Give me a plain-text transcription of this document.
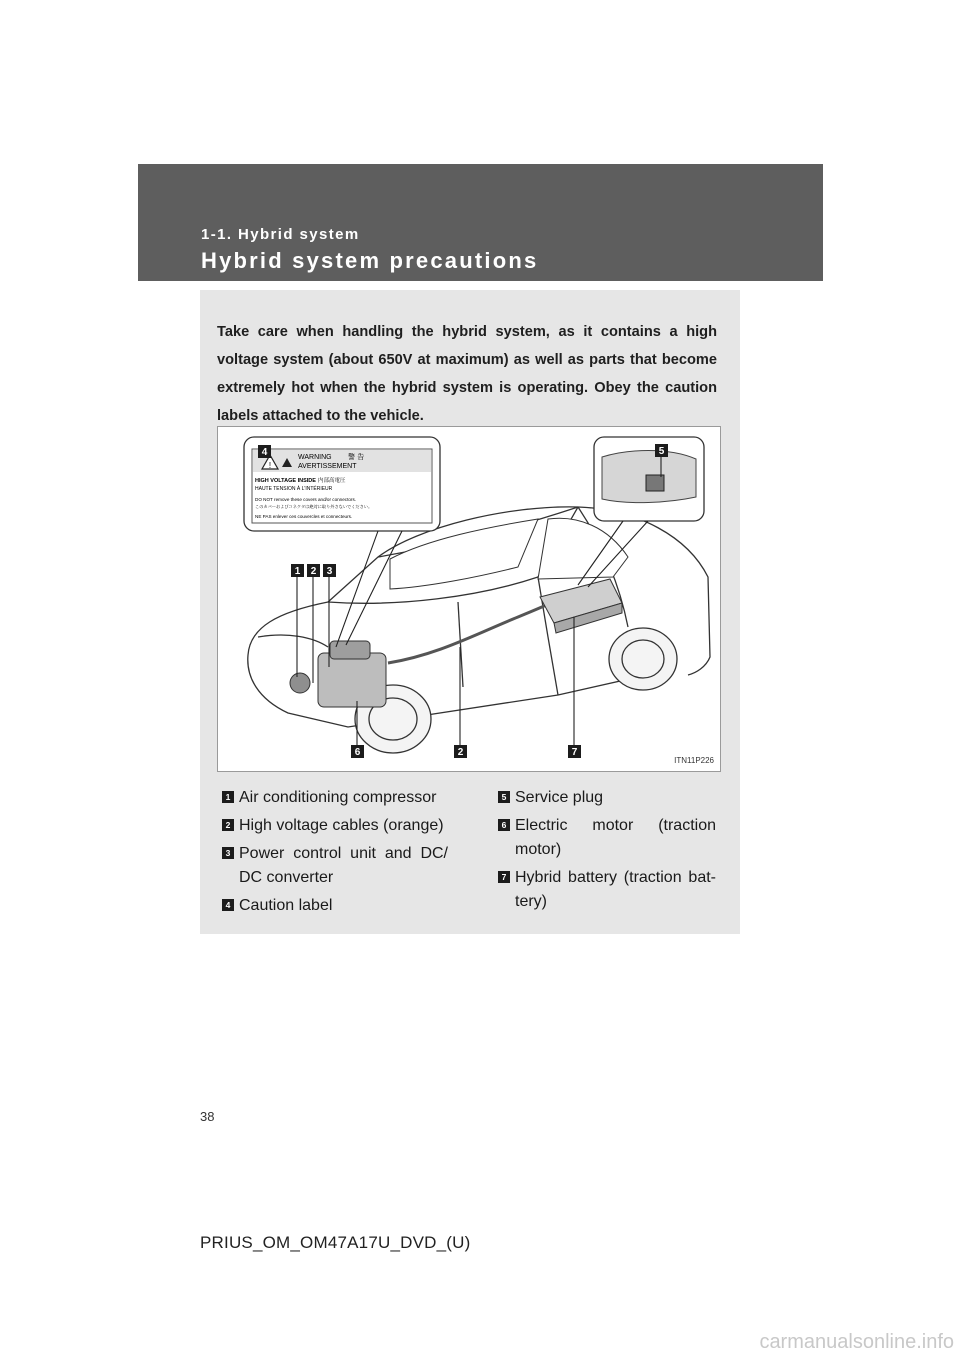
1-1. Hybrid system
Hybrid system precautions
Take care when handling the hybrid system, as it contains a high voltage system (about 650V at maximum) as well as parts that become extremely hot when the hybrid system is operating. Obey the caution labels attached to the vehicle.
!
WARNING 警 告
AVERTISSEMENT
HIGH VOLTAGE INSIDE 内部高電圧
HAUTE TENSION À L'INTÉRIEUR
DO NOT remove these covers and/or connectors.
このカバーおよびコネクタは絶対に取り外さないでください。
NE PAS enlever ces couvercles et connecteurs.
4	5
1 2 3
6	2	7
ITN11P226
1 Air conditioning compressor
2 High voltage cables (orange)
3 Power control unit and DC/ DC converter
4 Caution label
5 Service plug
6 Electric motor (traction motor)
7 Hybrid battery (traction bat-tery)
38
PRIUS_OM_OM47A17U_DVD_(U)
carmanualsonline.info
